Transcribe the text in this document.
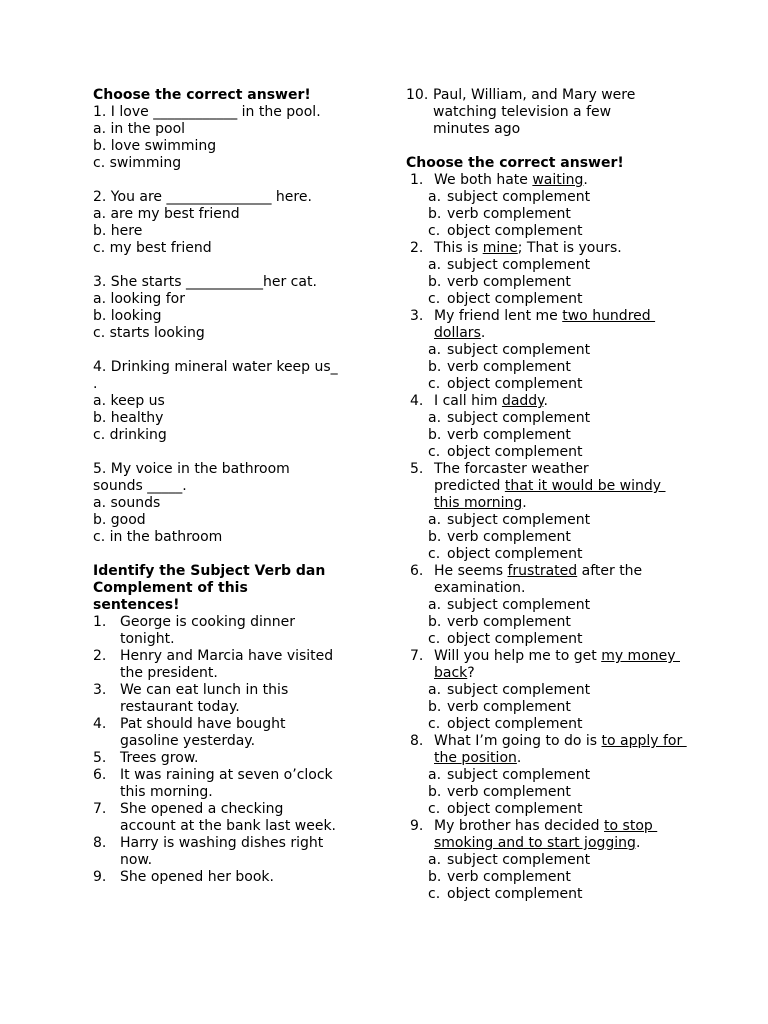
Choose the correct answer!
1. I love ____________ in the pool.
a. in the pool
b. love swimming
c. swimming
2. You are _______________ here.
a. are my best friend
b. here
c. my best friend
3. She starts ___________her cat.
a. looking for
b. looking
c. starts looking
4. Drinking mineral water keep us_
.
a. keep us
b. healthy
c. drinking
5. My voice in the bathroom
sounds _____.
a. sounds
b. good
c. in the bathroom
Identify the Subject Verb dan
Complement of this
sentences!
1. George is cooking dinner
tonight.
2. Henry and Marcia have visited
the president.
3. We can eat lunch in this
restaurant today.
4. Pat should have bought
gasoline yesterday.
5. Trees grow.
6. It was raining at seven o’clock
this morning.
7. She opened a checking
account at the bank last week.
8. Harry is washing dishes right
now.
9. She opened her book.
10. Paul, William, and Mary were
watching television a few
minutes ago
Choose the correct answer!
1. We both hate waiting.
a. subject complement
b. verb complement
c. object complement
2. This is mine; That is yours.
a. subject complement
b. verb complement
c. object complement
3. My friend lent me two hundred
dollars.
a. subject complement
b. verb complement
c. object complement
4. I call him daddy.
a. subject complement
b. verb complement
c. object complement
5. The forcaster weather
predicted that it would be windy
this morning.
a. subject complement
b. verb complement
c. object complement
6. He seems frustrated after the
examination.
a. subject complement
b. verb complement
c. object complement
7. Will you help me to get my money
back?
a. subject complement
b. verb complement
c. object complement
8. What I’m going to do is to apply for
the position.
a. subject complement
b. verb complement
c. object complement
9. My brother has decided to stop
smoking and to start jogging.
a. subject complement
b. verb complement
c. object complement
